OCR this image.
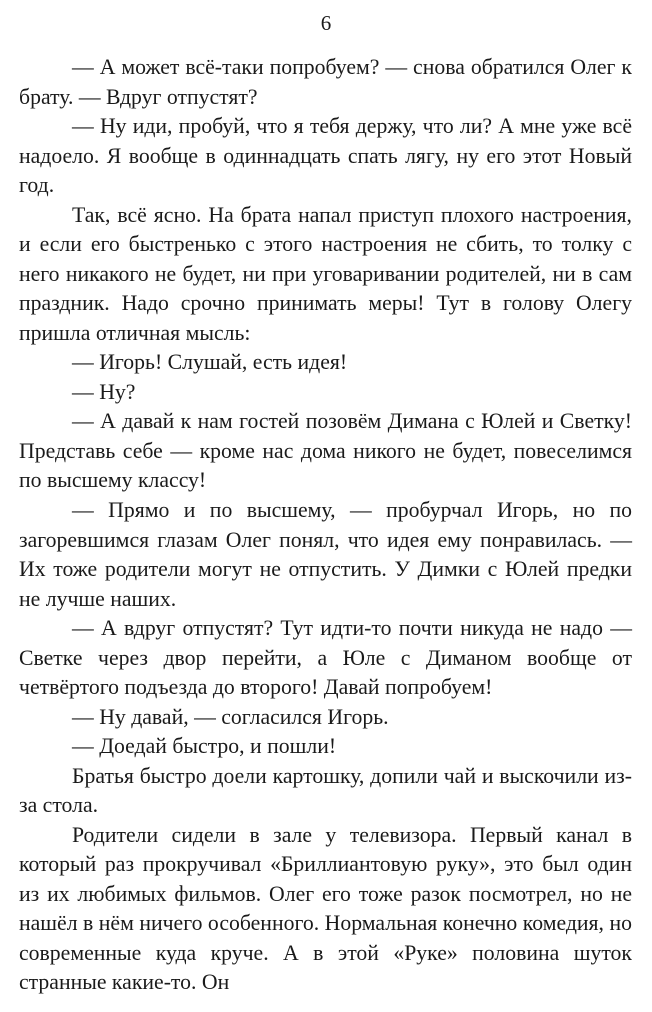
6

— А может всё-таки попробуем? — снова обратился Олег к брату. — Вдруг отпустят?

— Ну иди, пробуй, что я тебя держу, что ли? А мне уже всё надоело. Я вообще в одиннадцать спать лягу, ну его этот Новый год.

Так, всё ясно. На брата напал приступ плохого настроения, и если его быстренько с этого настроения не сбить, то толку с него никакого не будет, ни при уговаривании родителей, ни в сам праздник. Надо срочно принимать меры! Тут в голову Олегу пришла отличная мысль:

— Игорь! Слушай, есть идея!

— Ну?

— А давай к нам гостей позовём Димана с Юлей и Светку! Представь себе — кроме нас дома никого не будет, повеселимся по высшему классу!

— Прямо и по высшему, — пробурчал Игорь, но по загоревшимся глазам Олег понял, что идея ему понравилась. — Их тоже родители могут не отпустить. У Димки с Юлей предки не лучше наших.

— А вдруг отпустят? Тут идти-то почти никуда не надо — Светке через двор перейти, а Юле с Диманом вообще от четвёртого подъезда до второго! Давай попробуем!

— Ну давай, — согласился Игорь.

— Доедай быстро, и пошли!

Братья быстро доели картошку, допили чай и выскочили из-за стола.

Родители сидели в зале у телевизора. Первый канал в который раз прокручивал «Бриллиантовую руку», это был один из их любимых фильмов. Олег его тоже разок посмотрел, но не нашёл в нём ничего особенного. Нормальная конечно комедия, но современные куда круче. А в этой «Руке» половина шуток странные какие-то. Он
